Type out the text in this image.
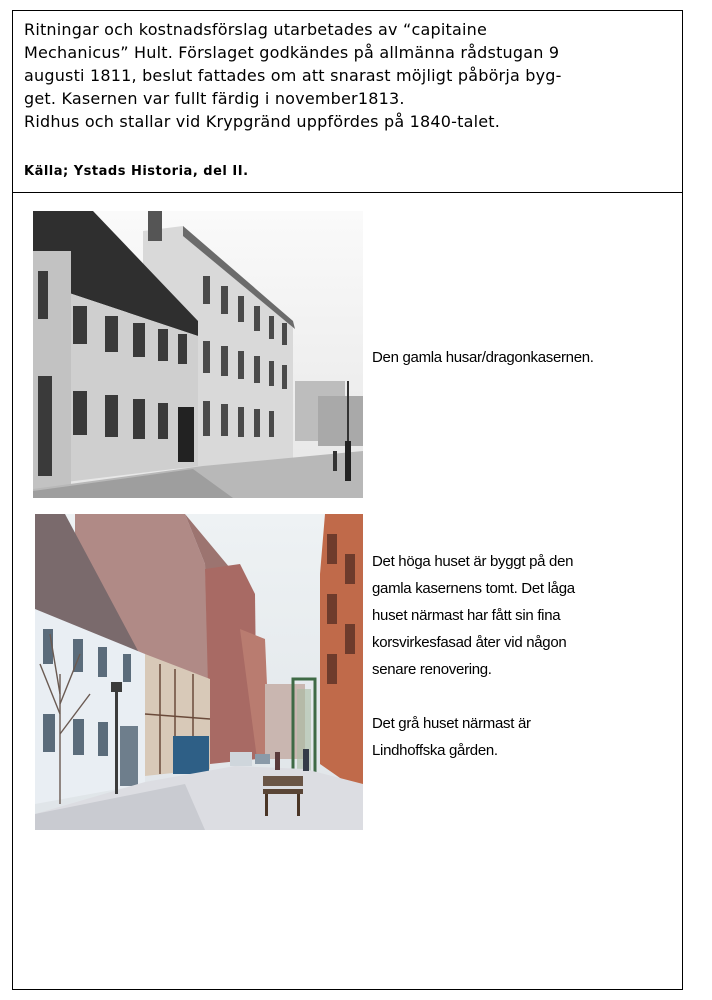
Ritningar och kostnadsförslag utarbetades av “capitaine

Mechanicus” Hult. Förslaget godkändes på allmänna rådstugan 9

augusti 1811, beslut fattades om att snarast möjligt påbörja byg-

get. Kasernen var fullt färdig i november1813.

Ridhus och stallar vid Krypgränd uppfördes på 1840-talet.

Källa; Ystads Historia, del II.
Den gamla husar/dragonkasernen.

Det höga huset är byggt på den

gamla kasernens tomt. Det låga

huset närmast har fått sin fina

korsvirkesfasad åter vid någon

senare renovering.

Det grå huset närmast är

Lindhoffska gården.
